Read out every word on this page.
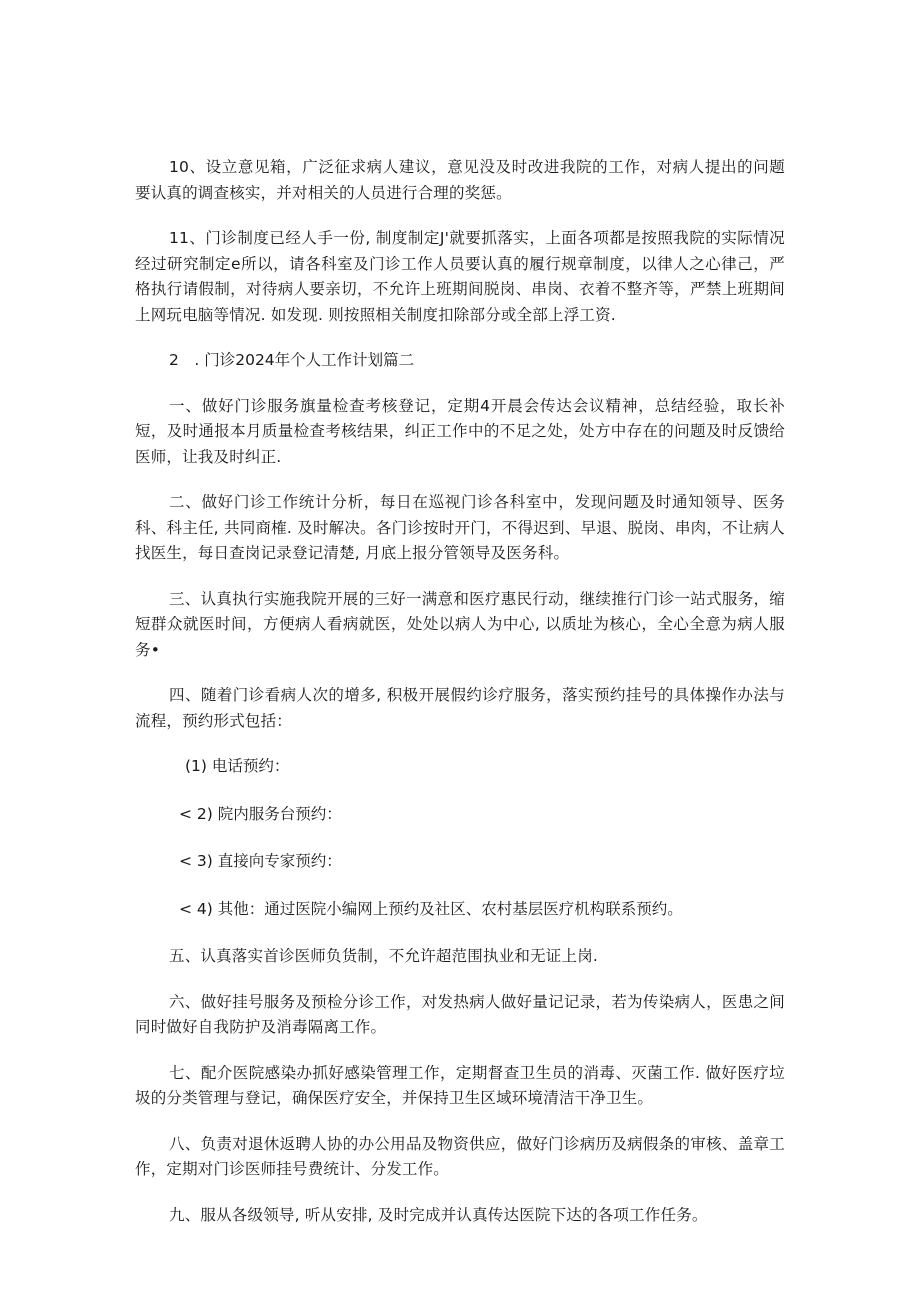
10、设立意见箱，广泛征求病人建议，意见没及时改进我院的工作，对病人提出的问题要认真的调查核实，并对相关的人员进行合理的奖惩。

11、门诊制度已经人手一份, 制度制定J'就要抓落实，上面各项都是按照我院的实际情况经过研究制定e所以，请各科室及门诊工作人员要认真的履行规章制度，以律人之心律己，严格执行请假制，对待病人要亲切，不允许上班期间脱岗、串岗、衣着不整齐等，严禁上班期间上网玩电脑等情况. 如发现. 则按照相关制度扣除部分或全部上浮工资.

2　. 门诊2024年个人工作计划篇二

一、做好门诊服务旗量检查考核登记，定期4开晨会传达会议精神，总结经验，取长补短，及时通报本月质量检查考核结果，纠正工作中的不足之处，处方中存在的问题及时反馈给医师，让我及时纠正.

二、做好门诊工作统计分析，每日在巡视门诊各科室中，发现问题及时通知领导、医务科、科主任, 共同商榷. 及时解决。各门诊按时开门，不得迟到、早退、脱岗、串肉，不让病人找医生，每日查岗记录登记清楚, 月底上报分管领导及医务科。

三、认真执行实施我院开展的三好一满意和医疗惠民行动，继续推行门诊一站式服务，缩短群众就医时间，方便病人看病就医，处处以病人为中心, 以质址为核心，全心全意为病人服务•

四、随着门诊看病人次的增多, 积极开展假约诊疗服务，落实预约挂号的具体操作办法与流程，预约形式包括：

(1) 电话预约：

< 2) 院内服务台预约：

< 3) 直接向专家预约：

< 4) 其他：通过医院小编网上预约及社区、农村基层医疗机构联系预约。

五、认真落实首诊医师负货制，不允许超范围执业和无证上岗.

六、做好挂号服务及预检分诊工作，对发热病人做好量记记录，若为传染病人，医患之间同时做好自我防护及消毒隔离工作。

七、配介医院感染办抓好感染管理工作，定期督查卫生员的消毒、灭菌工作. 做好医疗垃圾的分类管理与登记，确保医疗安全，并保持卫生区域环境清洁干净卫生。

八、负责对退休返聘人协的办公用品及物资供应，做好门诊病历及病假条的审核、盖章工作，定期对门诊医师挂号费统计、分发工作。

九、服从各级领导, 听从安排, 及时完成并认真传达医院下达的各项工作任务。
